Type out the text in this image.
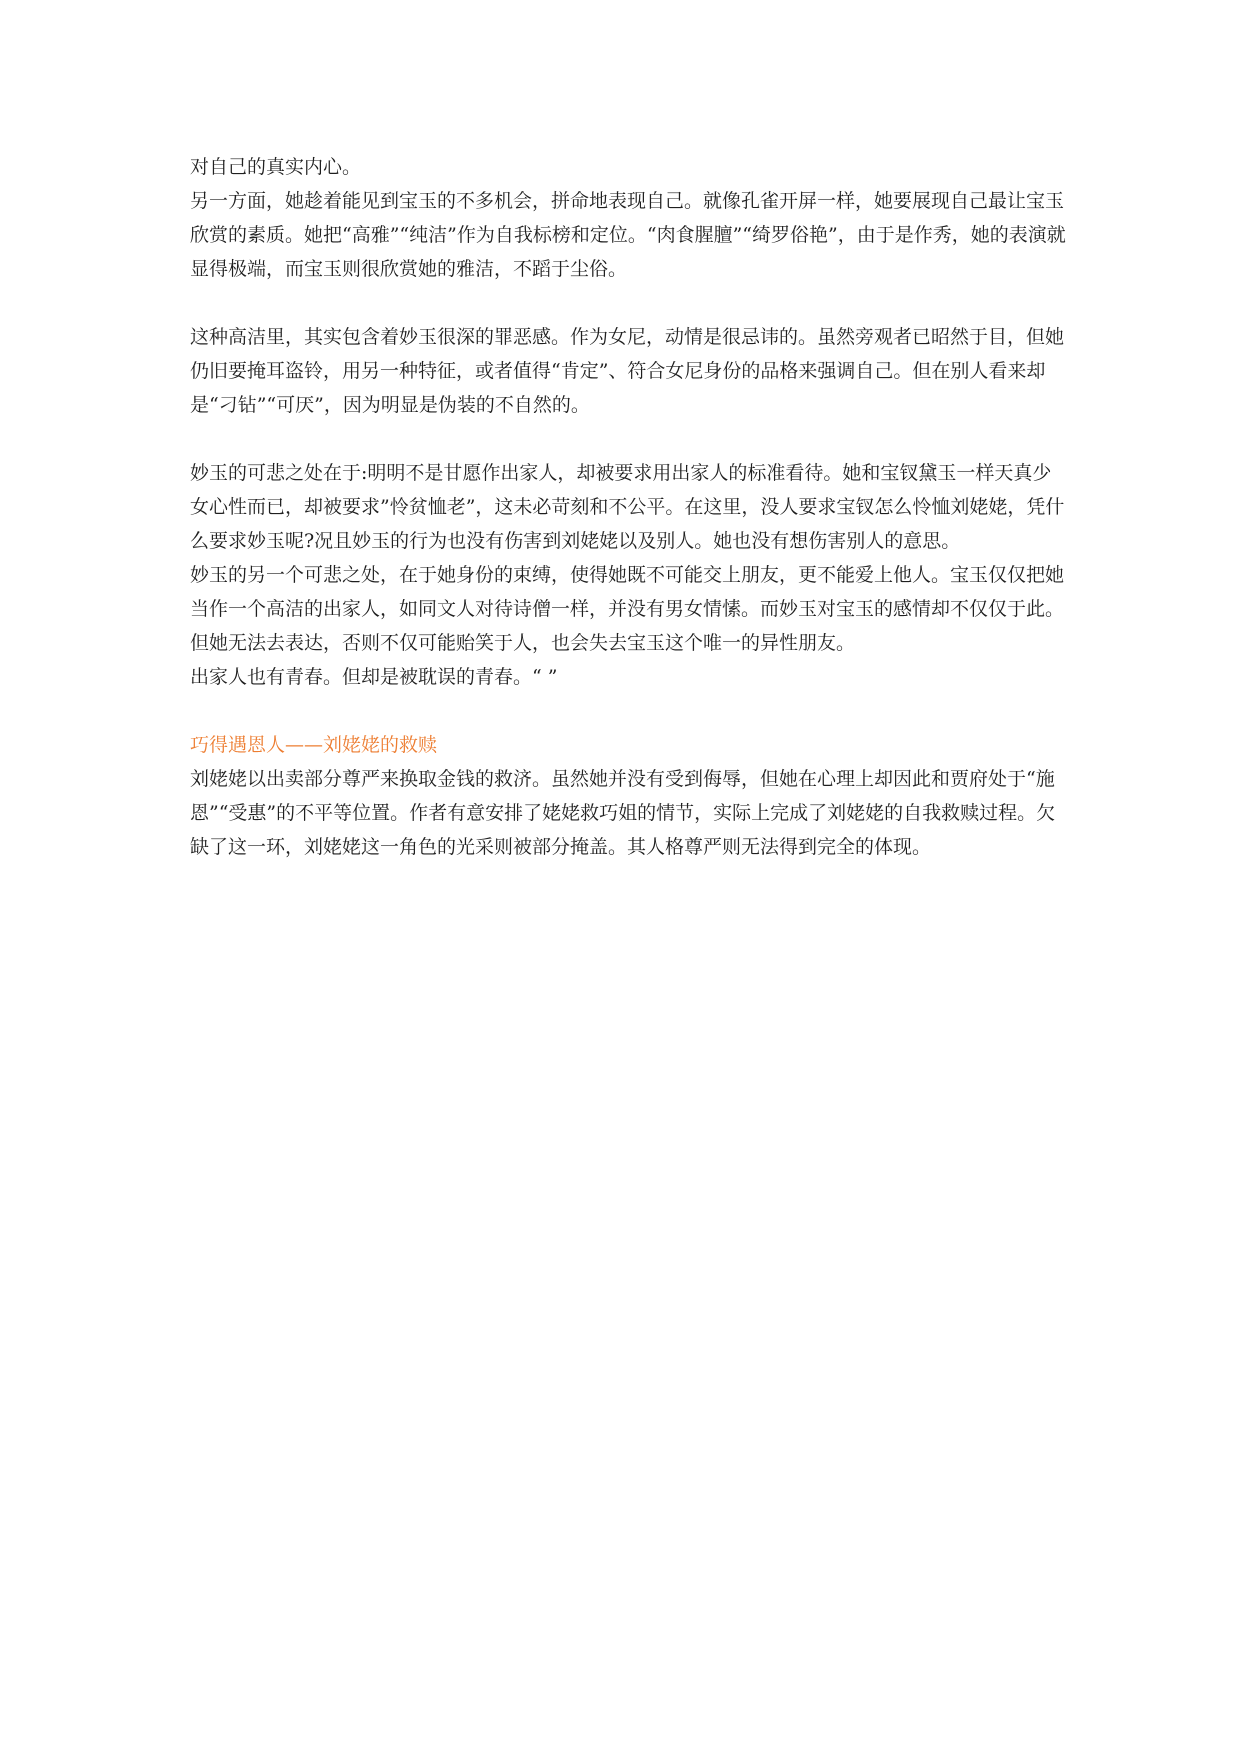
对自己的真实内心。

另一方面，她趁着能见到宝玉的不多机会，拼命地表现自己。就像孔雀开屏一样，她要展现自己最让宝玉欣赏的素质。她把“高雅”“纯洁”作为自我标榜和定位。“肉食腥膻”“绮罗俗艳”，由于是作秀，她的表演就显得极端，而宝玉则很欣赏她的雅洁，不蹈于尘俗。

这种高洁里，其实包含着妙玉很深的罪恶感。作为女尼，动情是很忌讳的。虽然旁观者已昭然于目，但她仍旧要掩耳盗铃，用另一种特征，或者值得“肯定”、符合女尼身份的品格来强调自己。但在别人看来却是“刁钻”“可厌”，因为明显是伪装的不自然的。

妙玉的可悲之处在于:明明不是甘愿作出家人，却被要求用出家人的标准看待。她和宝钗黛玉一样天真少女心性而已，却被要求”怜贫恤老”，这未必苛刻和不公平。在这里，没人要求宝钗怎么怜恤刘姥姥，凭什么要求妙玉呢?况且妙玉的行为也没有伤害到刘姥姥以及别人。她也没有想伤害别人的意思。

妙玉的另一个可悲之处，在于她身份的束缚，使得她既不可能交上朋友，更不能爱上他人。宝玉仅仅把她当作一个高洁的出家人，如同文人对待诗僧一样，并没有男女情愫。而妙玉对宝玉的感情却不仅仅于此。但她无法去表达，否则不仅可能贻笑于人，也会失去宝玉这个唯一的异性朋友。

出家人也有青春。但却是被耽误的青春。“ ”

巧得遇恩人——刘姥姥的救赎

刘姥姥以出卖部分尊严来换取金钱的救济。虽然她并没有受到侮辱，但她在心理上却因此和贾府处于“施恩”“受惠”的不平等位置。作者有意安排了姥姥救巧姐的情节，实际上完成了刘姥姥的自我救赎过程。欠缺了这一环，刘姥姥这一角色的光采则被部分掩盖。其人格尊严则无法得到完全的体现。
